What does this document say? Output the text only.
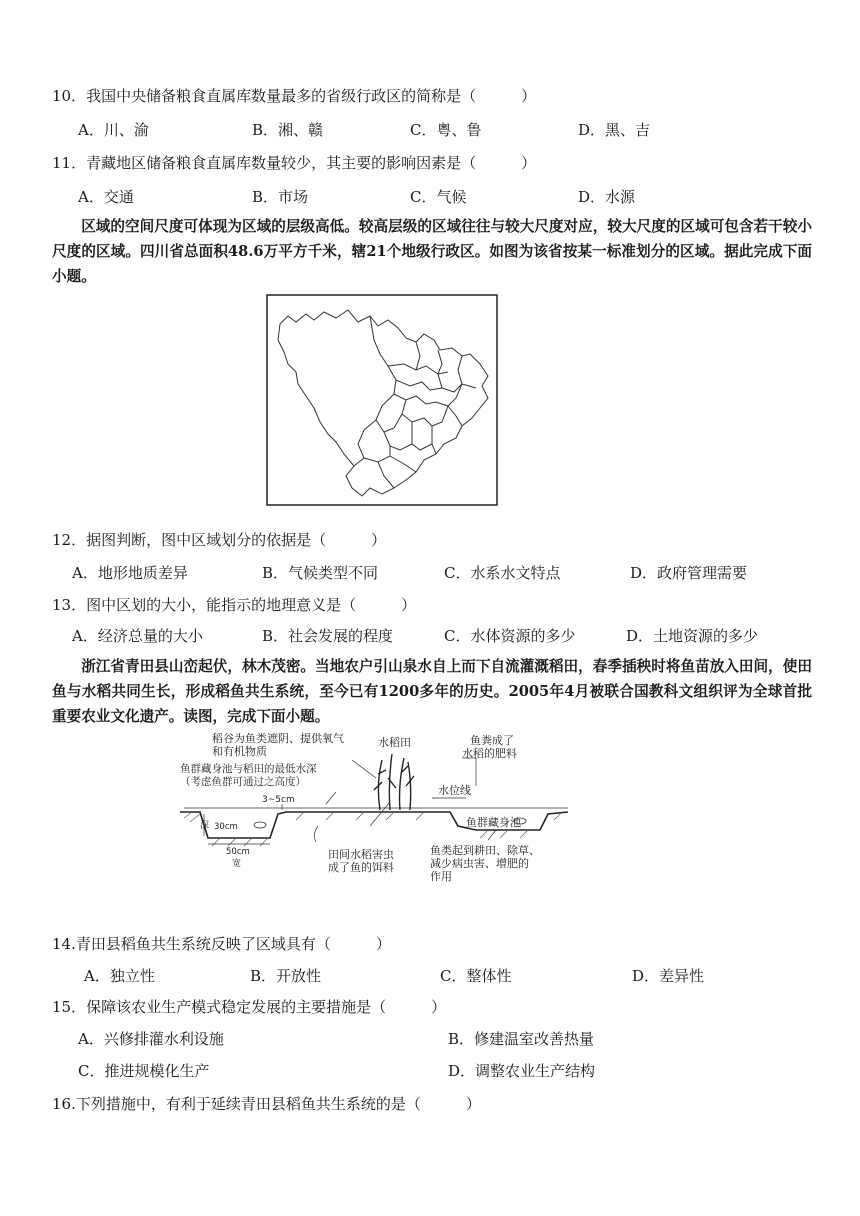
10．我国中央储备粮食直属库数量最多的省级行政区的简称是（　　　）
A．川、渝	B．湘、赣	C．粤、鲁	D．黑、吉
11．青藏地区储备粮食直属库数量较少，其主要的影响因素是（　　　）
A．交通	B．市场	C．气候	D．水源
区域的空间尺度可体现为区域的层级高低。较高层级的区域往往与较大尺度对应，较大尺度的区域可包含若干较小尺度的区域。四川省总面积48.6万平方千米，辖21个地级行政区。如图为该省按某一标准划分的区域。据此完成下面小题。
12．据图判断，图中区域划分的依据是（　　　）
A．地形地质差异	B．气候类型不同	C．水系水文特点	D．政府管理需要
13．图中区划的大小，能指示的地理意义是（　　　）
A．经济总量的大小	B．社会发展的程度	C．水体资源的多少	D．土地资源的多少
浙江省青田县山峦起伏，林木茂密。当地农户引山泉水自上而下自流灌溉稻田，春季插秧时将鱼苗放入田间，使田鱼与水稻共同生长，形成稻鱼共生系统，至今已有1200多年的历史。2005年4月被联合国教科文组织评为全球首批重要农业文化遗产。读图，完成下面小题。
稻谷为鱼类遮阴、提供氧气
和有机物质
水稻田	鱼粪成了
水稻的肥料
鱼群藏身池与稻田的最低水深
（考虑鱼群可通过之高度）
3~5cm
深 30cm
50cm
宽
水位线
鱼群藏身池
田间水稻害虫
成了鱼的饵料
鱼类起到耕田、除草、
减少病虫害、增肥的
作用
14.青田县稻鱼共生系统反映了区域具有（　　　）
A．独立性	B．开放性	C．整体性	D．差异性
15．保障该农业生产模式稳定发展的主要措施是（　　　）
A．兴修排灌水利设施	B．修建温室改善热量
C．推进规模化生产	D．调整农业生产结构
16.下列措施中，有利于延续青田县稻鱼共生系统的是（　　　）
